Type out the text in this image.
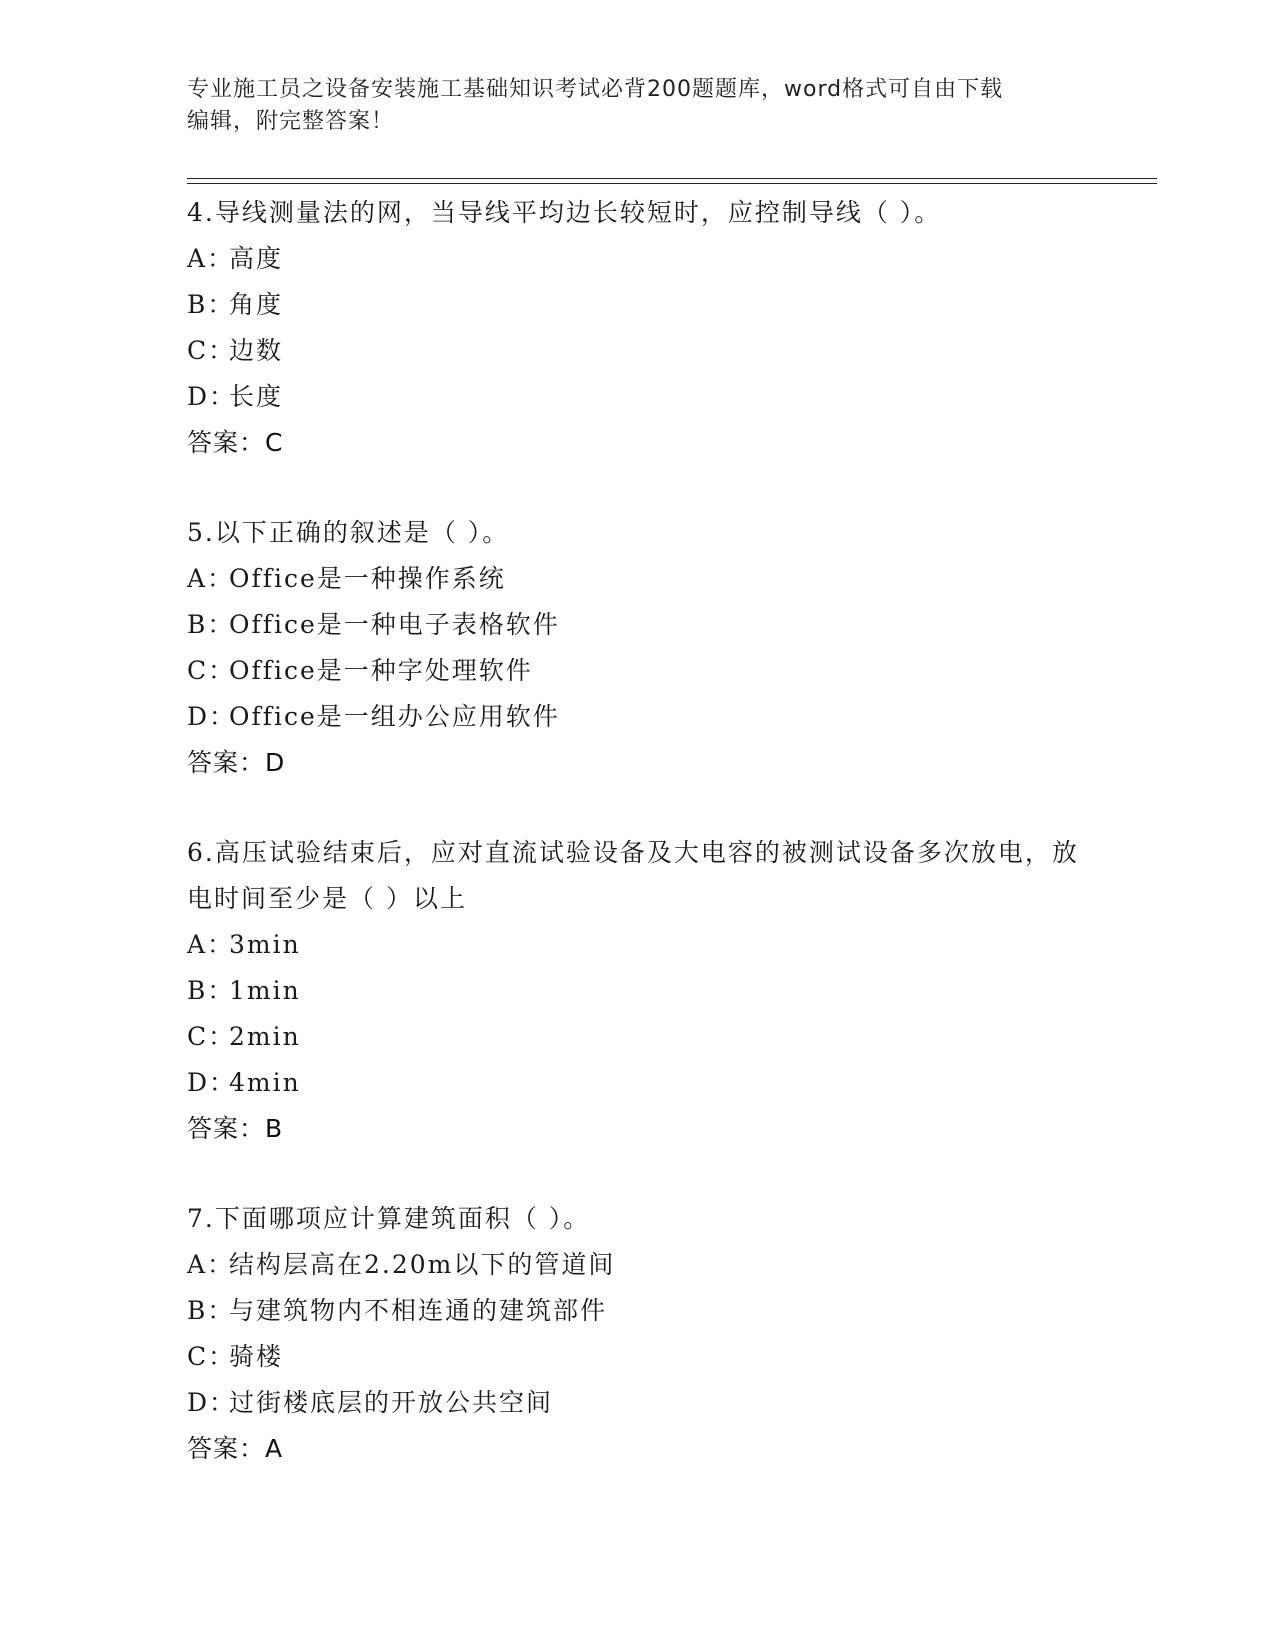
专业施工员之设备安装施工基础知识考试必背200题题库，word格式可自由下载
编辑，附完整答案！

4.导线测量法的网，当导线平均边长较短时，应控制导线（ ）。

A：高度

B：角度

C：边数

D：长度

答案：C

5.以下正确的叙述是（ ）。

A：Office是一种操作系统

B：Office是一种电子表格软件

C：Office是一种字处理软件

D：Office是一组办公应用软件

答案：D

6.高压试验结束后，应对直流试验设备及大电容的被测试设备多次放电，放电时间至少是（ ）以上

A：3min

B：1min

C：2min

D：4min

答案：B

7.下面哪项应计算建筑面积（ ）。

A：结构层高在2.20m以下的管道间

B：与建筑物内不相连通的建筑部件

C：骑楼

D：过街楼底层的开放公共空间

答案：A
